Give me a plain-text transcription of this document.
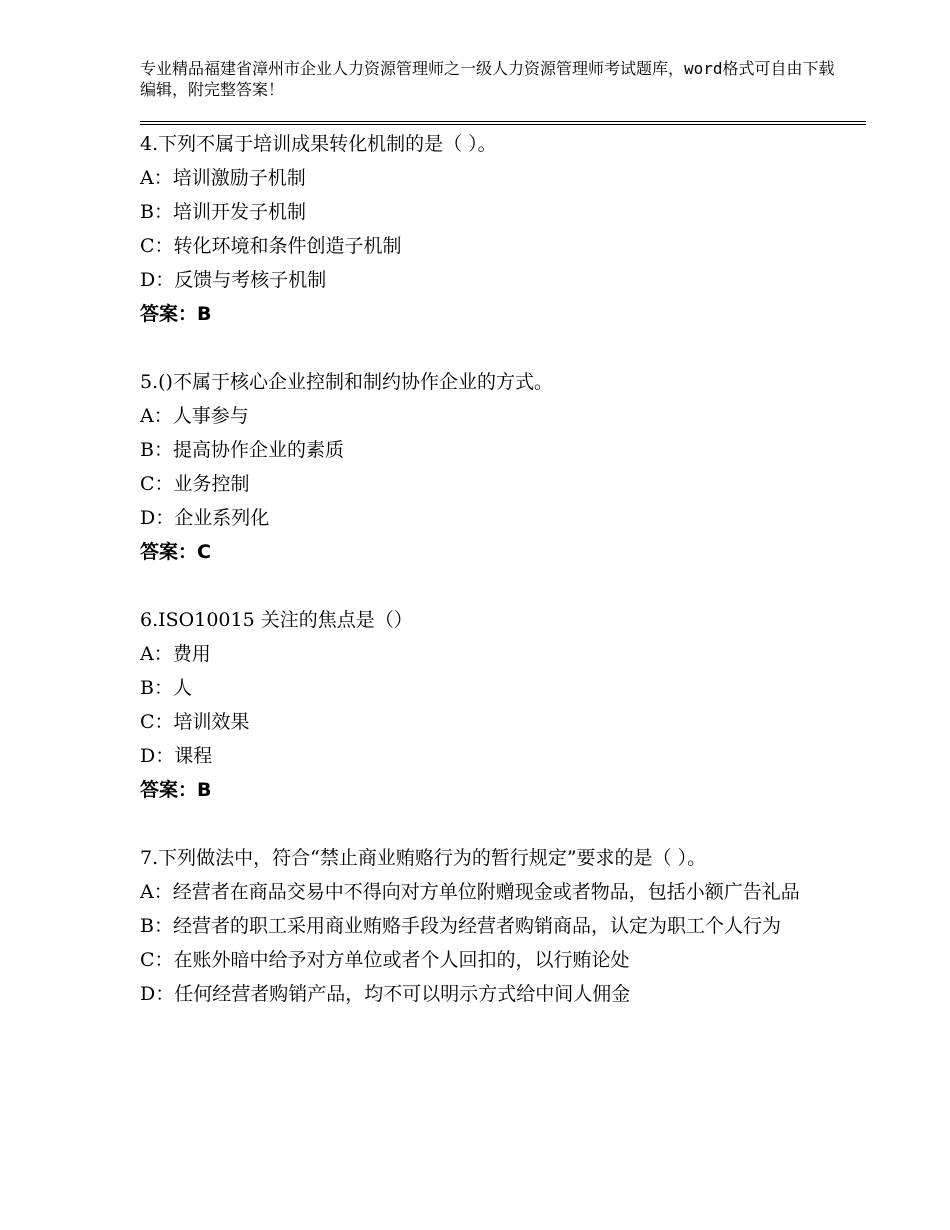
专业精品福建省漳州市企业人力资源管理师之一级人力资源管理师考试题库，word格式可自由下载编辑，附完整答案！
4.下列不属于培训成果转化机制的是（ ）。
A：培训激励子机制
B：培训开发子机制
C：转化环境和条件创造子机制
D：反馈与考核子机制
答案：B
5.()不属于核心企业控制和制约协作企业的方式。
A：人事参与
B：提高协作企业的素质
C：业务控制
D：企业系列化
答案：C
6.ISO10015 关注的焦点是（）
A：费用
B：人
C：培训效果
D：课程
答案：B
7.下列做法中，符合“禁止商业贿赂行为的暂行规定”要求的是（ ）。
A：经营者在商品交易中不得向对方单位附赠现金或者物品，包括小额广告礼品
B：经营者的职工采用商业贿赂手段为经营者购销商品，认定为职工个人行为
C：在账外暗中给予对方单位或者个人回扣的，以行贿论处
D：任何经营者购销产品，均不可以明示方式给中间人佣金
